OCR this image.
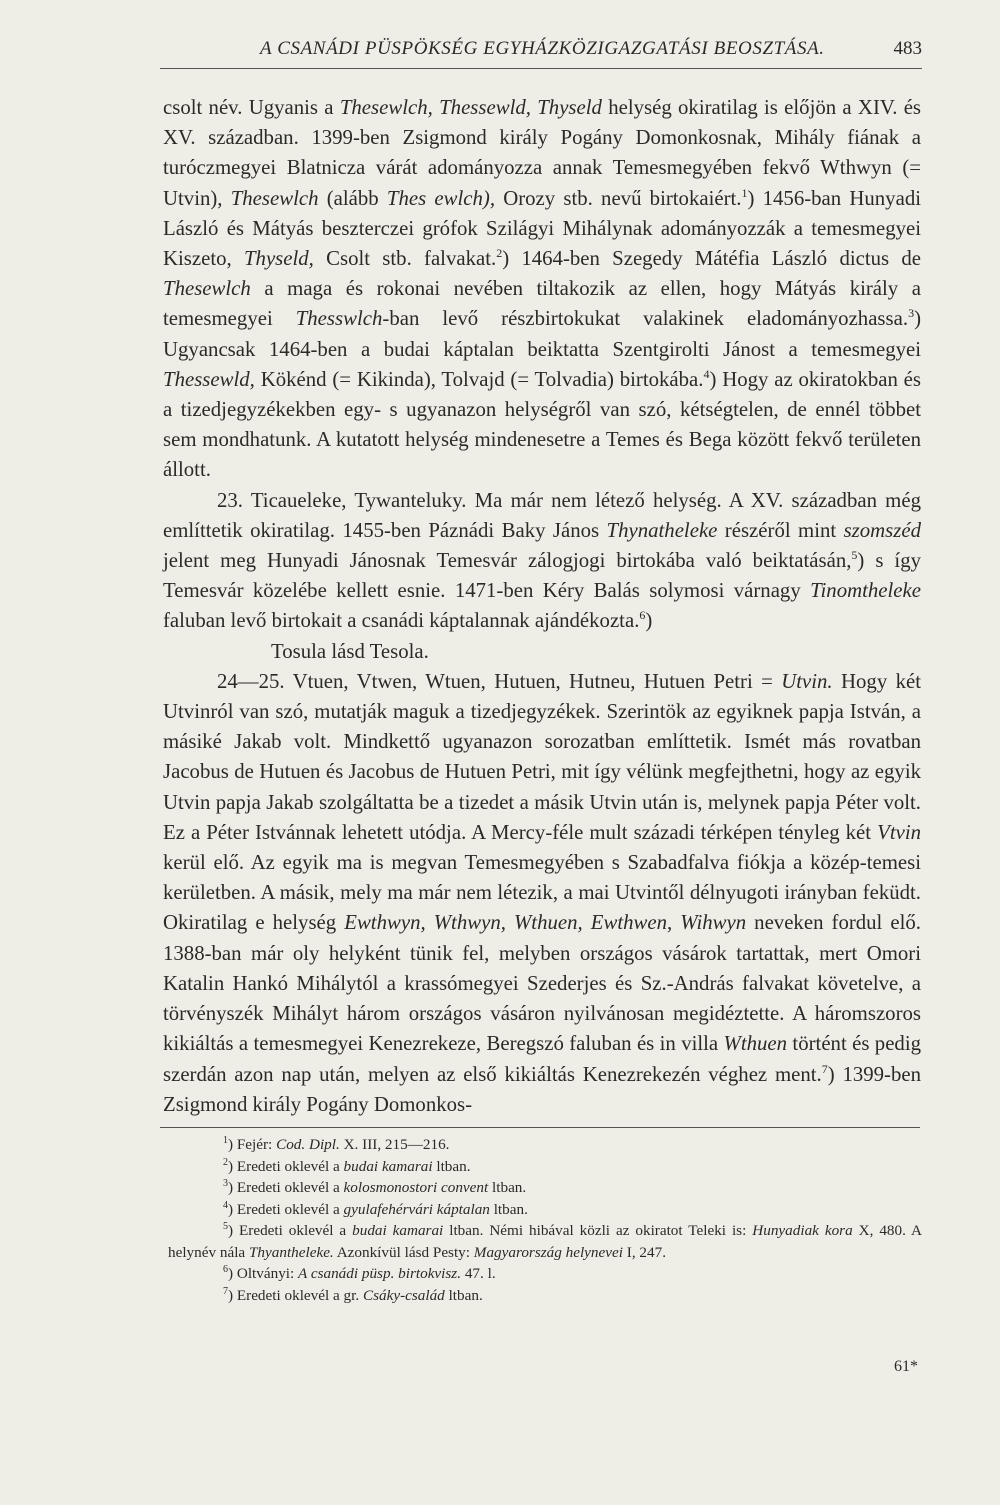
A CSANÁDI PÜSPÖKSÉG EGYHÁZKÖZIGAZGATÁSI BEOSZTÁSA.	483

csolt név. Ugyanis a Thesewlch, Thessewld, Thyseld helység okiratilag is előjön a XIV. és XV. században. 1399-ben Zsigmond király Pogány Domonkosnak, Mihály fiának a turóczmegyei Blatnicza várát adományozza annak Temesmegyében fekvő Wthwyn (= Utvin), Thesewlch (alább Thes ewlch), Orozy stb. nevű birtokaiért.$^1$) 1456-ban Hunyadi László és Mátyás beszterczei grófok Szilágyi Mihálynak adományozzák a temesmegyei Kiszeto, Thyseld, Csolt stb. falvakat.$^2$) 1464-ben Szegedy Mátéfia László dictus de Thesewlch a maga és rokonai nevében tiltakozik az ellen, hogy Mátyás király a temesmegyei Thesswlch-ban levő részbirtokukat valakinek eladományozhassa.$^3$) Ugyancsak 1464-ben a budai káptalan beiktatta Szentgirolti Jánost a temesmegyei Thessewld, Kökénd (= Kikinda), Tolvajd (= Tolvadia) birtokába.$^4$) Hogy az okiratokban és a tizedjegyzékekben egy- s ugyanazon helységről van szó, kétségtelen, de ennél többet sem mondhatunk. A kutatott helység mindenesetre a Temes és Bega között fekvő területen állott.

23. Ticaueleke, Tywanteluky. Ma már nem létező helység. A XV. században még említtetik okiratilag. 1455-ben Páznádi Baky János Thynatheleke részéről mint szomszéd jelent meg Hunyadi Jánosnak Temesvár zálogjogi birtokába való beiktatásán,$^5$) s így Temesvár közelébe kellett esnie. 1471-ben Kéry Balás solymosi várnagy Tinomtheleke faluban levő birtokait a csanádi káptalannak ajándékozta.$^6$)

Tosula lásd Tesola.

24—25. Vtuen, Vtwen, Wtuen, Hutuen, Hutneu, Hutuen Petri = Utvin. Hogy két Utvinról van szó, mutatják maguk a tizedjegyzékek. Szerintök az egyiknek papja István, a másiké Jakab volt. Mindkettő ugyanazon sorozatban említtetik. Ismét más rovatban Jacobus de Hutuen és Jacobus de Hutuen Petri, mit így vélünk megfejthetni, hogy az egyik Utvin papja Jakab szolgáltatta be a tizedet a másik Utvin után is, melynek papja Péter volt. Ez a Péter Istvánnak lehetett utódja. A Mercy-féle mult századi térképen tényleg két Vtvin kerül elő. Az egyik ma is megvan Temesmegyében s Szabadfalva fiókja a közép-temesi kerületben. A másik, mely ma már nem létezik, a mai Utvintől délnyugoti irányban feküdt. Okiratilag e helység Ewthwyn, Wthwyn, Wthuen, Ewthwen, Wihwyn neveken fordul elő. 1388-ban már oly helyként tünik fel, melyben országos vásárok tartattak, mert Omori Katalin Hankó Mihálytól a krassómegyei Szederjes és Sz.-András falvakat követelve, a törvényszék Mihályt három országos vásáron nyilvánosan megidéztette. A háromszoros kikiáltás a temesmegyei Kenezrekeze, Beregszó faluban és in villa Wthuen történt és pedig szerdán azon nap után, melyen az első kikiáltás Kenezrekezén véghez ment.$^7$) 1399-ben Zsigmond király Pogány Domonkos-

$^1$) Fejér: Cod. Dipl. X. III, 215—216.

$^2$) Eredeti oklevél a budai kamarai ltban.

$^3$) Eredeti oklevél a kolosmonostori convent ltban.

$^4$) Eredeti oklevél a gyulafehérvári káptalan ltban.

$^5$) Eredeti oklevél a budai kamarai ltban. Némi hibával közli az okiratot Teleki is: Hunyadiak kora X, 480. A helynév nála Thyantheleke. Azonkívül lásd Pesty: Magyarország helynevei I, 247.

$^6$) Oltványi: A csanádi püsp. birtokvisz. 47. l.

$^7$) Eredeti oklevél a gr. Csáky-család ltban.

61*
